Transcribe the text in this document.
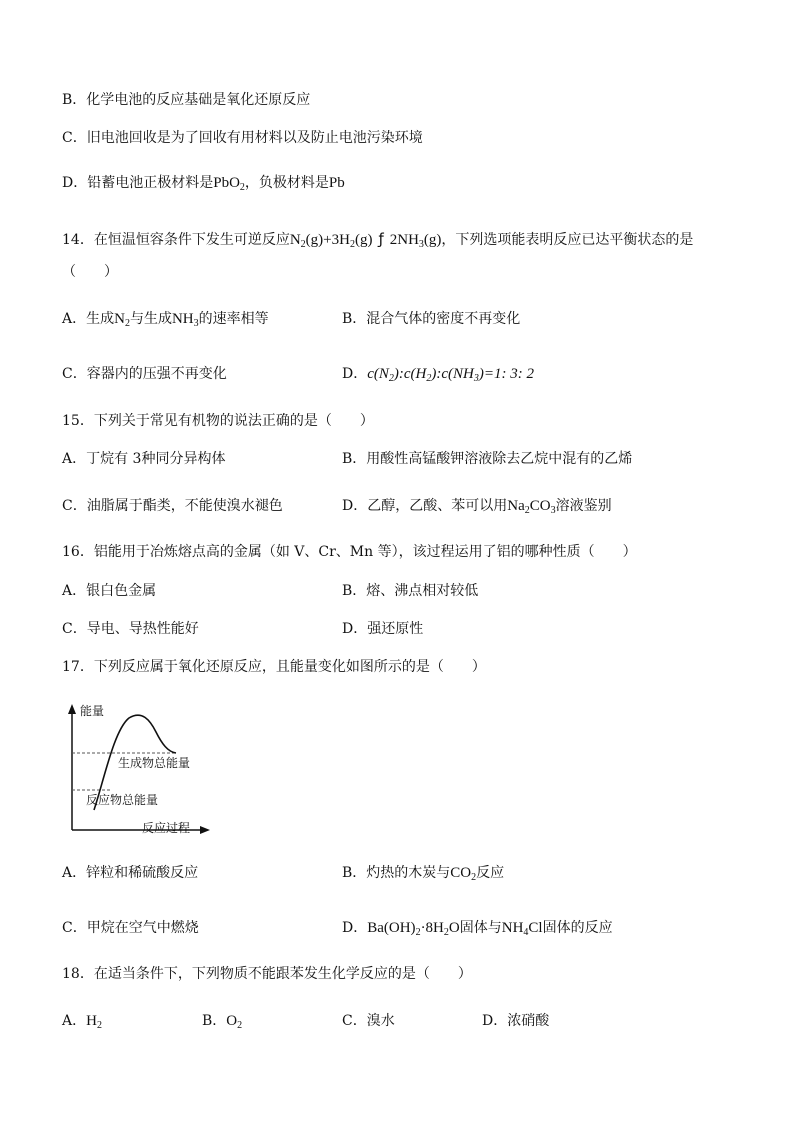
B．化学电池的反应基础是氧化还原反应
C．旧电池回收是为了回收有用材料以及防止电池污染环境
D．铅蓄电池正极材料是PbO$_2$，负极材料是Pb
14．在恒温恒容条件下发生可逆反应$N_2(g)+3H_2(g)$ ƒ $2NH_3(g)$，下列选项能表明反应已达平衡状态的是
（　　）
A．生成$N_2$与生成$NH_3$的速率相等	B．混合气体的密度不再变化
C．容器内的压强不再变化	D．$c(N_2):c(H_2):c(NH_3)=1$: 3: 2
15．下列关于常见有机物的说法正确的是（　　）
A．丁烷有 3种同分异构体	B．用酸性高锰酸钾溶液除去乙烷中混有的乙烯
C．油脂属于酯类，不能使溴水褪色	D．乙醇，乙酸、苯可以用$Na_2CO_3$溶液鉴别
16．铝能用于冶炼熔点高的金属（如 V、Cr、Mn 等），该过程运用了铝的哪种性质（　　）
A．银白色金属	B．熔、沸点相对较低
C．导电、导热性能好	D．强还原性
17．下列反应属于氧化还原反应，且能量变化如图所示的是（　　）
能量
生成物总能量
反应物总能量
反应过程
A．锌粒和稀硫酸反应	B．灼热的木炭与$CO_2$反应
C．甲烷在空气中燃烧	D．$Ba(OH)_2\cdot 8H_2O$固体与$NH_4Cl$固体的反应
18．在适当条件下，下列物质不能跟苯发生化学反应的是（　　）
A．$H_2$	B．$O_2$	C．溴水	D．浓硝酸
